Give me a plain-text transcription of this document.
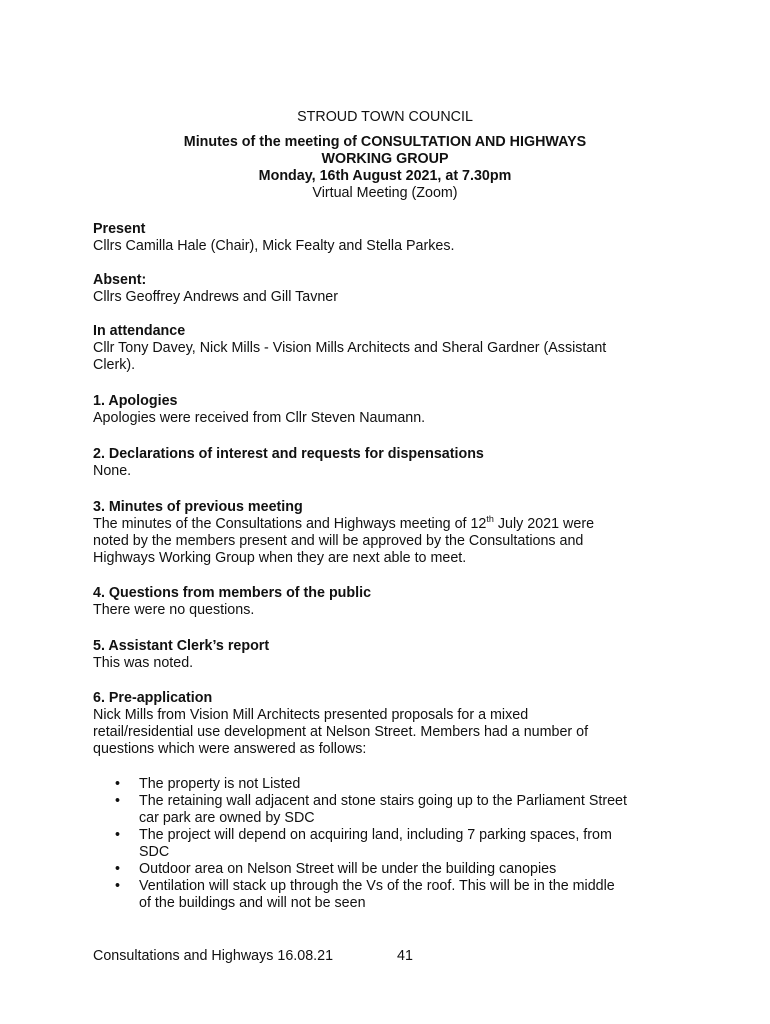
STROUD TOWN COUNCIL
Minutes of the meeting of CONSULTATION AND HIGHWAYS
WORKING GROUP
Monday, 16th August 2021, at 7.30pm
Virtual Meeting (Zoom)

Present

Cllrs Camilla Hale (Chair), Mick Fealty and Stella Parkes.

Absent:

Cllrs Geoffrey Andrews and Gill Tavner

In attendance

Cllr Tony Davey, Nick Mills - Vision Mills Architects and Sheral Gardner (Assistant

Clerk).

1. Apologies

Apologies were received from Cllr Steven Naumann.

2. Declarations of interest and requests for dispensations

None.

3. Minutes of previous meeting

The minutes of the Consultations and Highways meeting of 12th July 2021 were

noted by the members present and will be approved by the Consultations and

Highways Working Group when they are next able to meet.

4. Questions from members of the public

There were no questions.

5. Assistant Clerk’s report

This was noted.

6. Pre-application

Nick Mills from Vision Mill Architects presented proposals for a mixed

retail/residential use development at Nelson Street. Members had a number of

questions which were answered as follows:

• The property is not Listed
• The retaining wall adjacent and stone stairs going up to the Parliament Street
car park are owned by SDC
• The project will depend on acquiring land, including 7 parking spaces, from
SDC
• Outdoor area on Nelson Street will be under the building canopies
• Ventilation will stack up through the Vs of the roof. This will be in the middle
of the buildings and will not be seen
Consultations and Highways 16.08.21	41
